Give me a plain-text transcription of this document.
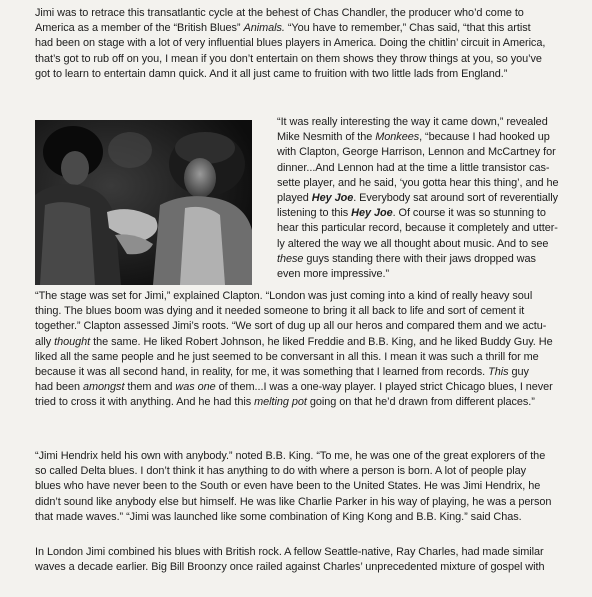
Jimi was to retrace this transatlantic cycle at the behest of Chas Chandler, the producer who’d come to
America as a member of the “British Blues” Animals. “You have to remember,” Chas said, “that this artist
had been on stage with a lot of very influential blues players in America. Doing the chitlin’ circuit in America,
that’s got to rub off on you, I mean if you don’t entertain on them shows they throw things at you, so you’ve
got to learn to entertain damn quick. And it all just came to fruition with two little lads from England.”

“It was really interesting the way it came down,” revealed
Mike Nesmith of the Monkees, “because I had hooked up
with Clapton, George Harrison, Lennon and McCartney for
dinner...And Lennon had at the time a little transistor cas-
sette player, and he said, ‘you gotta hear this thing’, and he
played Hey Joe. Everybody sat around sort of reverentially
listening to this Hey Joe. Of course it was so stunning to
hear this particular record, because it completely and utter-
ly altered the way we all thought about music. And to see
these guys standing there with their jaws dropped was
even more impressive.”

“The stage was set for Jimi,” explained Clapton. “London was just coming into a kind of really heavy soul
thing. The blues boom was dying and it needed someone to bring it all back to life and sort of cement it
together.” Clapton assessed Jimi’s roots. “We sort of dug up all our heros and compared them and we actu-
ally thought the same. He liked Robert Johnson, he liked Freddie and B.B. King, and he liked Buddy Guy. He
liked all the same people and he just seemed to be conversant in all this. I mean it was such a thrill for me
because it was all second hand, in reality, for me, it was something that I learned from records. This guy
had been amongst them and was one of them...I was a one-way player. I played strict Chicago blues, I never
tried to cross it with anything. And he had this melting pot going on that he’d drawn from different places.”

“Jimi Hendrix held his own with anybody.” noted B.B. King. “To me, he was one of the great explorers of the
so called Delta blues. I don’t think it has anything to do with where a person is born. A lot of people play
blues who have never been to the South or even have been to the United States. He was Jimi Hendrix, he
didn’t sound like anybody else but himself. He was like Charlie Parker in his way of playing, he was a person
that made waves.” “Jimi was launched like some combination of King Kong and B.B. King.” said Chas.

In London Jimi combined his blues with British rock. A fellow Seattle-native, Ray Charles, had made similar
waves a decade earlier. Big Bill Broonzy once railed against Charles’ unprecedented mixture of gospel with
